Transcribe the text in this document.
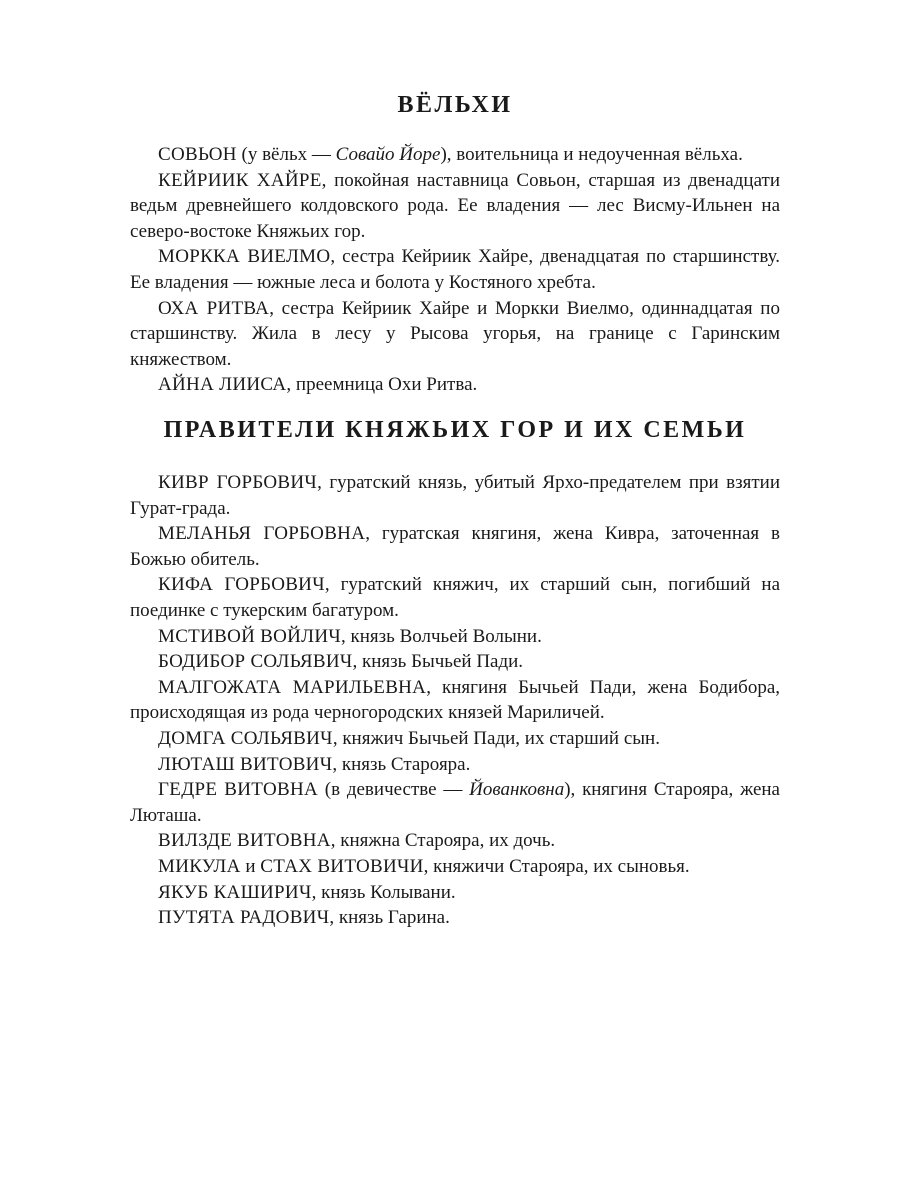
ВЁЛЬХИ

СОВЬОН (у вёльх — Совайо Йоре), воительница и недоученная вёльха.

КЕЙРИИК ХАЙРЕ, покойная наставница Совьон, старшая из двенадцати ведьм древнейшего колдовского рода. Ее владения — лес Висму-Ильнен на северо-востоке Княжьих гор.

МОРККА ВИЕЛМО, сестра Кейриик Хайре, двенадцатая по старшинству. Ее владения — южные леса и болота у Костяного хребта.

ОХА РИТВА, сестра Кейриик Хайре и Моркки Виелмо, одиннадцатая по старшинству. Жила в лесу у Рысова угорья, на границе с Гаринским княжеством.

АЙНА ЛИИСА, преемница Охи Ритва.

ПРАВИТЕЛИ КНЯЖЬИХ ГОР И ИХ СЕМЬИ

КИВР ГОРБОВИЧ, гуратский князь, убитый Ярхо-предателем при взятии Гурат-града.

МЕЛАНЬЯ ГОРБОВНА, гуратская княгиня, жена Кивра, заточенная в Божью обитель.

КИФА ГОРБОВИЧ, гуратский княжич, их старший сын, погибший на поединке с тукерским багатуром.

МСТИВОЙ ВОЙЛИЧ, князь Волчьей Волыни.

БОДИБОР СОЛЬЯВИЧ, князь Бычьей Пади.

МАЛГОЖАТА МАРИЛЬЕВНА, княгиня Бычьей Пади, жена Бодибора, происходящая из рода черногородских князей Мариличей.

ДОМГА СОЛЬЯВИЧ, княжич Бычьей Пади, их старший сын.

ЛЮТАШ ВИТОВИЧ, князь Старояра.

ГЕДРЕ ВИТОВНА (в девичестве — Йованковна), княгиня Старояра, жена Люташа.

ВИЛЗДЕ ВИТОВНА, княжна Старояра, их дочь.

МИКУЛА и СТАХ ВИТОВИЧИ, княжичи Старояра, их сыновья.

ЯКУБ КАШИРИЧ, князь Колывани.

ПУТЯТА РАДОВИЧ, князь Гарина.
